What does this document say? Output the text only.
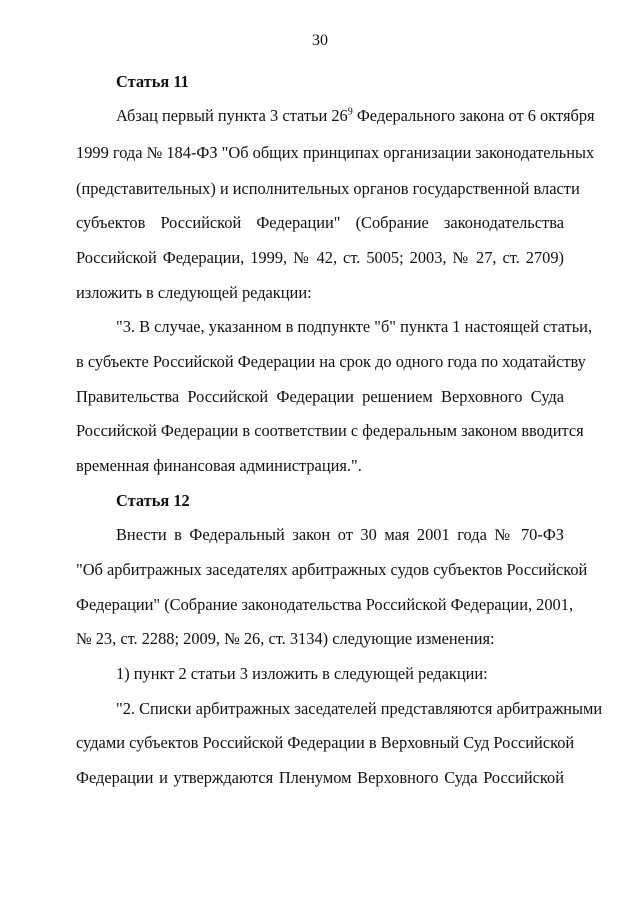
30
Статья 11
Абзац первый пункта 3 статьи $26^9$ Федерального закона от 6 октября
1999 года № 184-ФЗ "Об общих принципах организации законодательных
(представительных) и исполнительных органов государственной власти
субъектов Российской Федерации" (Собрание законодательства
Российской Федерации, 1999, № 42, ст. 5005; 2003, № 27, ст. 2709)
изложить в следующей редакции:
"3. В случае, указанном в подпункте "б" пункта 1 настоящей статьи,
в субъекте Российской Федерации на срок до одного года по ходатайству
Правительства Российской Федерации решением Верховного Суда
Российской Федерации в соответствии с федеральным законом вводится
временная финансовая администрация.".
Статья 12
Внести в Федеральный закон от 30 мая 2001 года № 70-ФЗ
"Об арбитражных заседателях арбитражных судов субъектов Российской
Федерации" (Собрание законодательства Российской Федерации, 2001,
№ 23, ст. 2288; 2009, № 26, ст. 3134) следующие изменения:
1) пункт 2 статьи 3 изложить в следующей редакции:
"2. Списки арбитражных заседателей представляются арбитражными
судами субъектов Российской Федерации в Верховный Суд Российской
Федерации и утверждаются Пленумом Верховного Суда Российской
